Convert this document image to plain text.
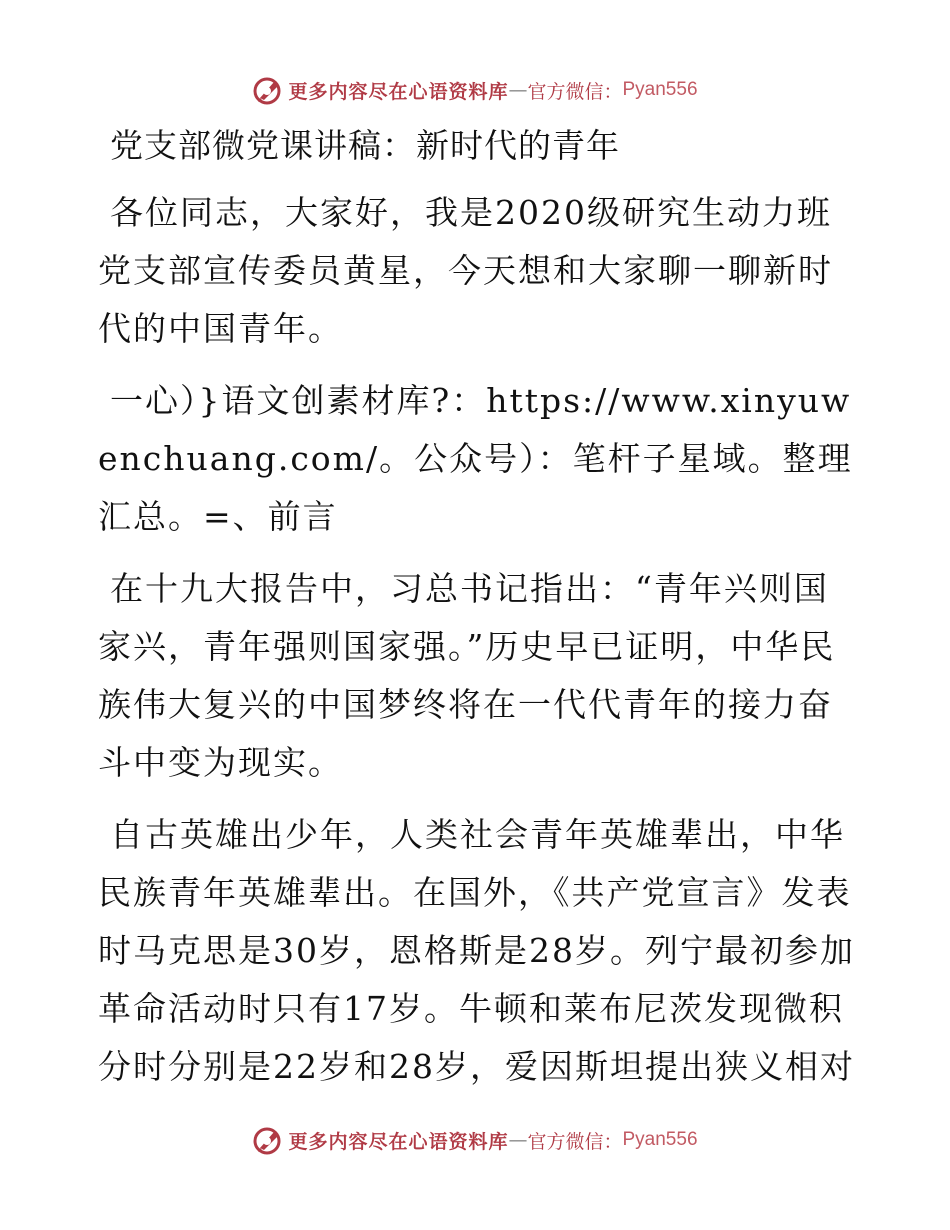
更多内容尽在心语资料库 — 官方微信： Pyan556
党支部微党课讲稿：新时代的青年

各位同志，大家好，我是2020级研究生动力班党支部宣传委员黄星，今天想和大家聊一聊新时代的中国青年。

一心）}语文创素材库?：https://www.xinyuwenchuang.com/。公众号）：笔杆子星域。整理汇总。=、前言

在十九大报告中，习总书记指出：“青年兴则国家兴，青年强则国家强。”历史早已证明，中华民族伟大复兴的中国梦终将在一代代青年的接力奋斗中变为现实。

自古英雄出少年，人类社会青年英雄辈出，中华民族青年英雄辈出。在国外，《共产党宣言》发表时马克思是30岁，恩格斯是28岁。列宁最初参加革命活动时只有17岁。牛顿和莱布尼茨发现微积分时分别是22岁和28岁，爱因斯坦提出狭义相对

更多内容尽在心语资料库 — 官方微信： Pyan556
